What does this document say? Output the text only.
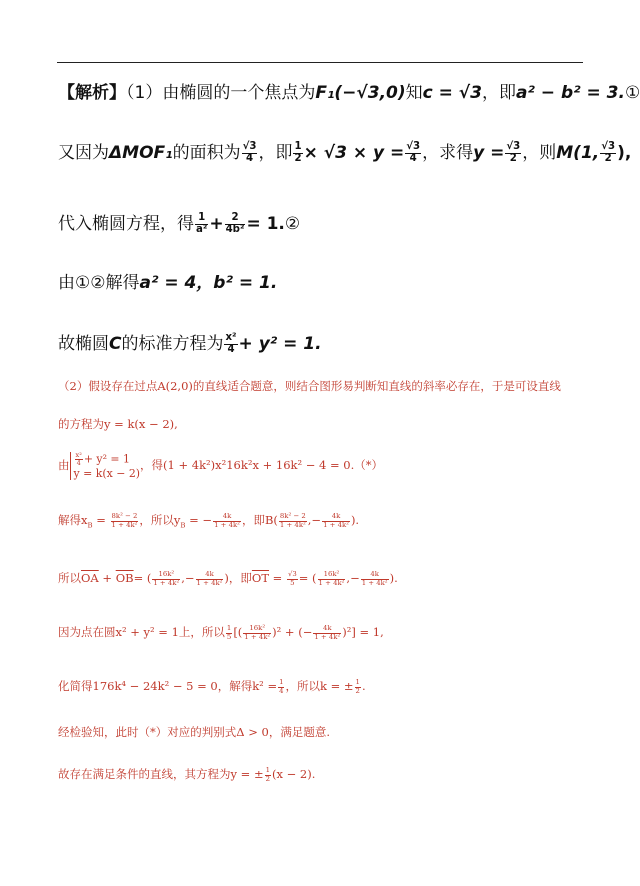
【解析】（1）由椭圆的一个焦点为F₁(−√3,0)知c = √3，即a² − b² = 3.①
又因为ΔMOF₁的面积为 $\frac{√3}{4}$ ，即 $\frac{1}{2} \times √3 \times y = \frac{√3}{4}$ ，求得$y = \frac{√3}{2}$ ，则M(1, $\frac{√3}{2}$ ),
代入椭圆方程，得 $\frac{1}{\text{a²}} + \frac{2}{\text{4b²}}$ = 1.②
由①②解得a² = 4，b² = 1.
故椭圆C的标准方程为 $\frac{\text{x²}}{4} + y^2 = 1$.
（2）假设存在过点A(2,0)的直线适合题意，则结合图形易判断知直线的斜率必存在，于是可设直线
的方程为y = k(x − 2),
由 $\frac{\text{x²}}{4} + y^2 = 1$
y = k(x − 2)
，得(1 + 4k²)x²16k²x + 16k² − 4 = 0.（*）
解得$x_B = \frac{\text{8k² − 2}}{\text{1 + 4k²}}$ ，所以$y_B$ = − $\frac{4k}{\text{1 + 4k²}}$ ，即$B( \frac{\text{8k² − 2}}{\text{1 + 4k²}}$ ,− $\frac{4k}{\text{1 + 4k²}}$ ).
所以$\overline{OA} + \overline{OB}=$ ( $\frac{\text{16k²}}{\text{1 + 4k²}}$ ,− $\frac{4k}{\text{1 + 4k²}}$ )，即$\overline{OT} = \frac{√3}{5}$ = ( $\frac{\text{16k²}}{\text{1 + 4k²}}$ ,− $\frac{4k}{\text{1 + 4k²}}$ ).
因为点在圆x² + y² = 1上，所以 $\frac{1}{5}$ [( $\frac{\text{16k²}}{\text{1 + 4k²}} )^2$ + (− $\frac{4k}{\text{1 + 4k²}} )^2] = 1$,
化简得176k⁴ − 24k² − 5 = 0，解得$k^2 = \frac{1}{4}$ ，所以k = ± $\frac{1}{2}$ .
经检验知，此时（*）对应的判别式Δ > 0，满足题意.
故存在满足条件的直线，其方程为y = ± $\frac{1}{2} (x - 2)$.
